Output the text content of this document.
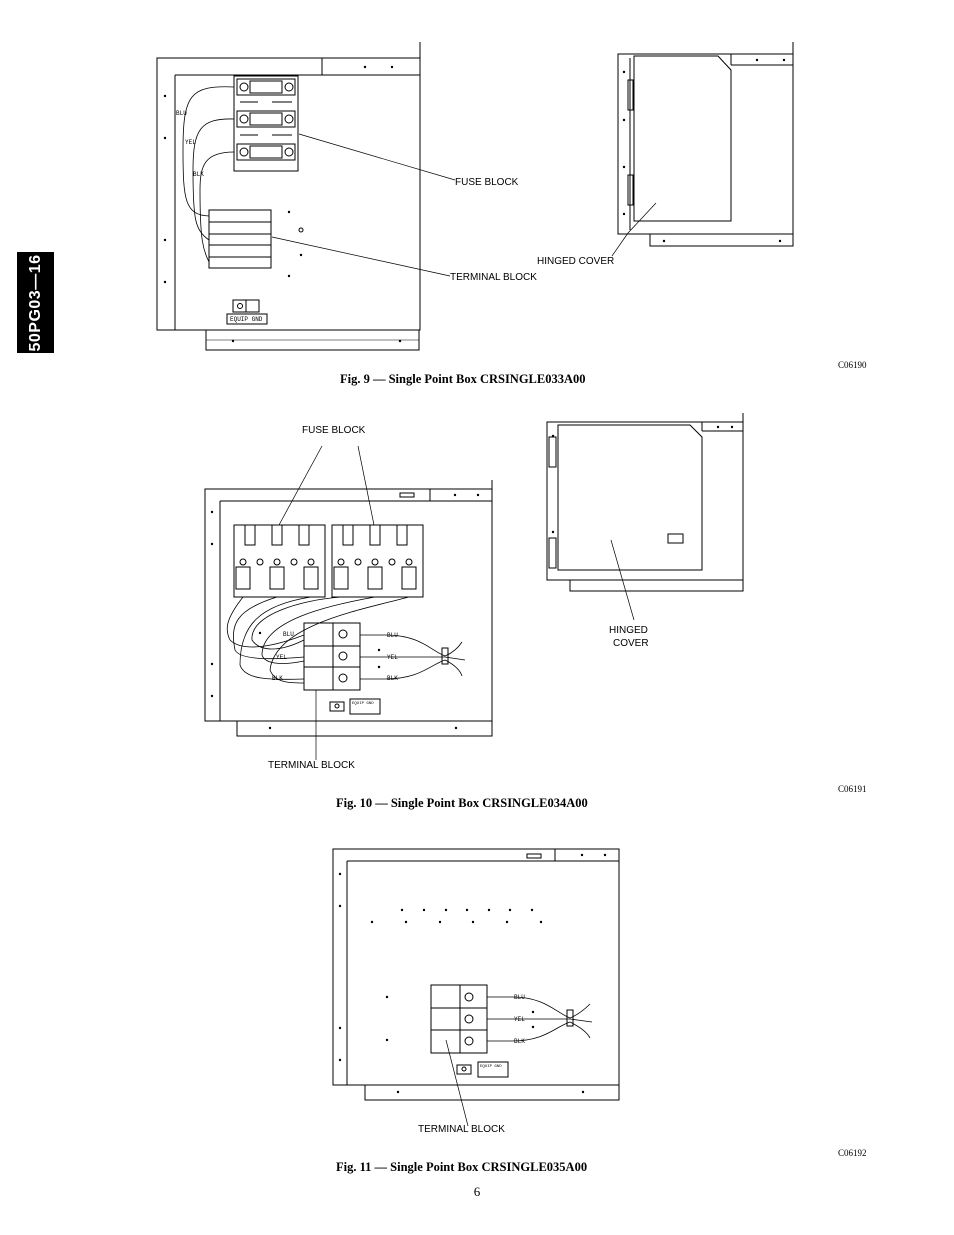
50PG03—16
FUSE BLOCK
TERMINAL BLOCK
HINGED COVER
BLU
YEL
BLK
EQUIP GND
C06190
Fig. 9 — Single Point Box CRSINGLE033A00
FUSE BLOCK
TERMINAL BLOCK
HINGED
COVER
BLU
YEL
BLK
BLU
YEL
BLK
EQUIP GND
C06191
Fig. 10 — Single Point Box CRSINGLE034A00
TERMINAL BLOCK
BLU
YEL
BLK
EQUIP GND
C06192
Fig. 11 — Single Point Box CRSINGLE035A00
6
